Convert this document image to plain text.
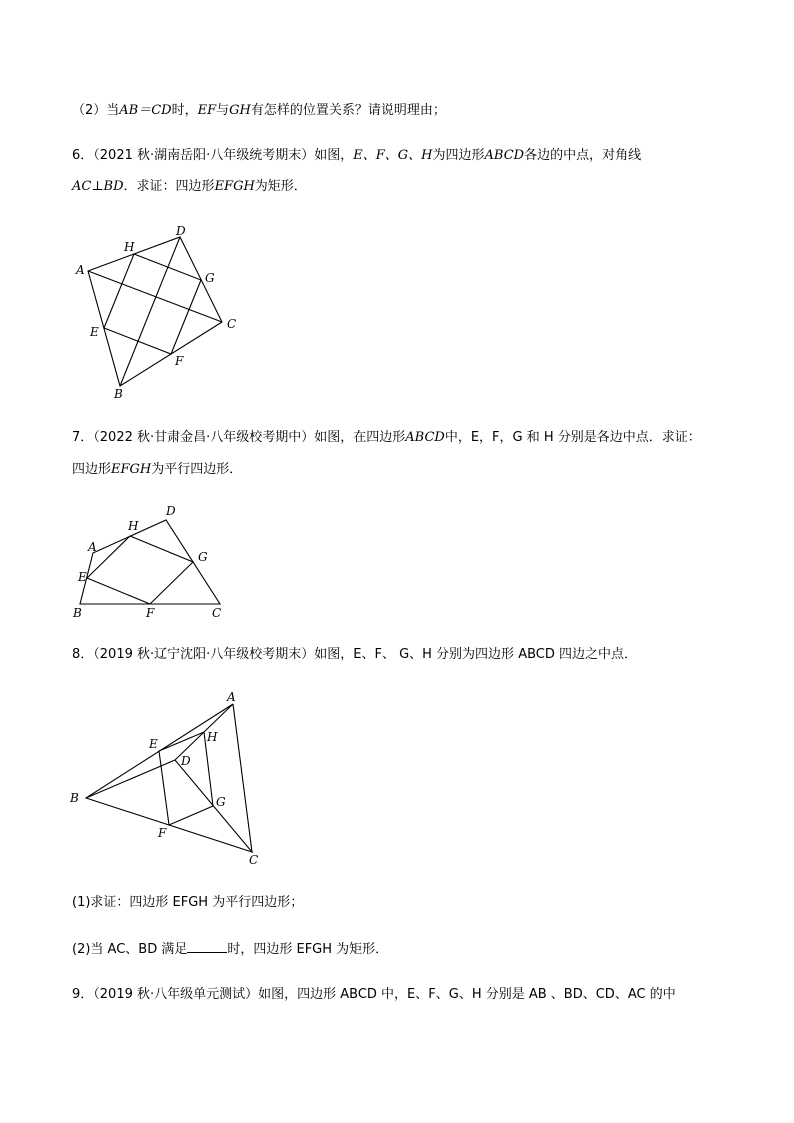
（2）当AB＝CD时，EF与GH有怎样的位置关系？请说明理由；
6．（2021 秋·湖南岳阳·八年级统考期末）如图，E、F、G、H为四边形ABCD各边的中点，对角线
AC⊥BD．求证：四边形EFGH为矩形．
7．（2022 秋·甘肃金昌·八年级校考期中）如图，在四边形ABCD中，E，F，G 和 H 分别是各边中点．求证：
四边形EFGH为平行四边形．
8．（2019 秋·辽宁沈阳·八年级校考期末）如图，E、F、 G、H 分别为四边形 ABCD 四边之中点．
(1)求证：四边形 EFGH 为平行四边形；
(2)当 AC、BD 满足	时，四边形 EFGH 为矩形．
9．（2019 秋·八年级单元测试）如图，四边形 ABCD 中，E、F、G、H 分别是 AB 、BD、CD、AC 的中
A
D
H
G
C
E
F
B
A
H
D
G
E
B	F	C
A
E	H
D
B	G
F
C
